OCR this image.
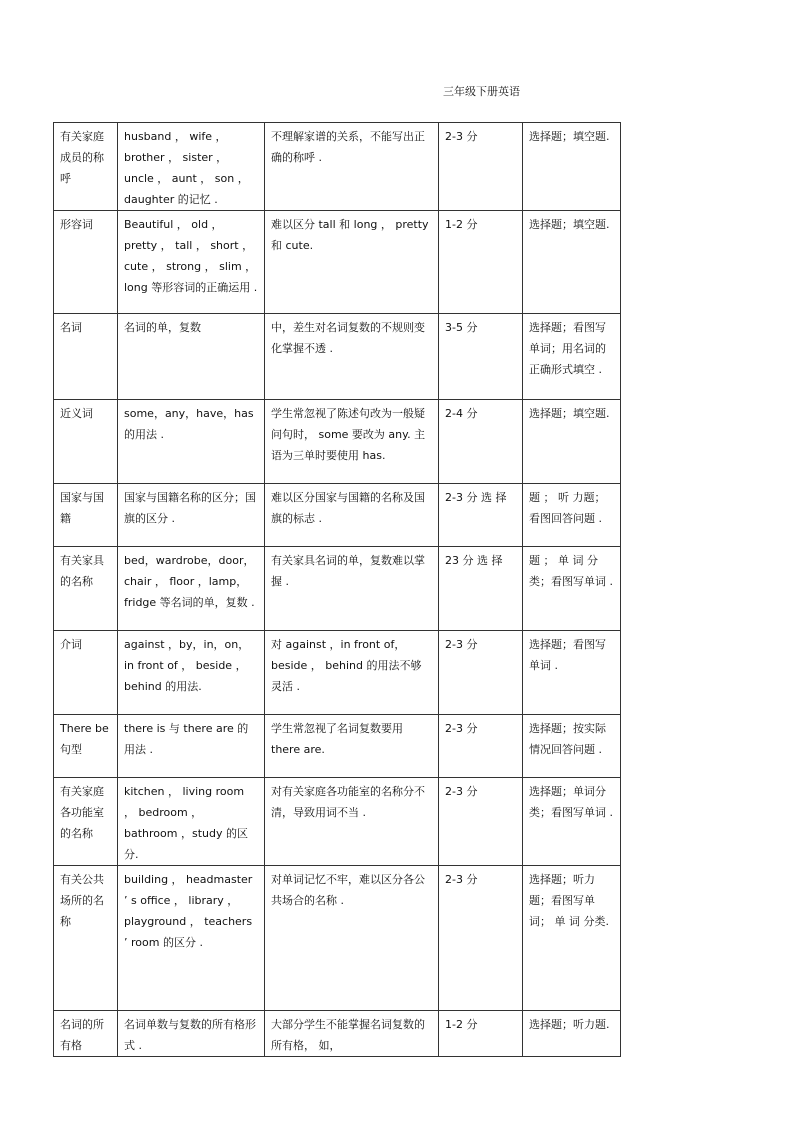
三年级下册英语
有关家庭成员的称呼	husband ， wife ， brother ， sister ， uncle ， aunt ， son ， daughter 的记忆 .	不理解家谱的关系，不能写出正确的称呼 .	2-3 分	选择题；填空题.
形容词	Beautiful ， old ， pretty ， tall ， short ， cute ， strong ， slim ， long 等形容词的正确运用 .	难以区分 tall 和 long ， pretty 和 cute.	1-2 分	选择题；填空题.
名词	名词的单，复数	中，差生对名词复数的不规则变化掌握不透 .	3-5 分	选择题；看图写单词；用名词的正确形式填空 .
近义词	some，any，have，has 的用法 .	学生常忽视了陈述句改为一般疑问句时， some 要改为 any. 主语为三单时要使用 has.	2-4 分	选择题；填空题.
国家与国籍	国家与国籍名称的区分；国旗的区分 .	难以区分国家与国籍的名称及国旗的标志 .	2-3 分 选 择	题 ； 听 力题；看图回答问题 .
有关家具的名称	bed，wardrobe，door，chair ， floor ，lamp，fridge 等名词的单，复数 .	有关家具名词的单，复数难以掌握 .	23 分 选 择	题 ； 单 词 分类；看图写单词 .
介词	against ，by，in，on，in front of ， beside ，behind 的用法.	对 against ，in front of，beside ， behind 的用法不够灵活 .	2-3 分	选择题；看图写单词 .
There be 句型	there is 与 there are 的用法 .	学生常忽视了名词复数要用 there are.	2-3 分	选择题；按实际情况回答问题 .
有关家庭各功能室的名称	kitchen ， living room ， bedroom ， bathroom ，study 的区分.	对有关家庭各功能室的名称分不清，导致用词不当 .	2-3 分	选择题；单词分类；看图写单词 .
有关公共场所的名称	building ， headmaster ’ s office ， library ， playground ， teachers ’ room 的区分 .	对单词记忆不牢，难以区分各公共场合的名称 .	2-3 分	选择题；听力题；看图写单词； 单 词 分类.
名词的所有格	名词单数与复数的所有格形式 .	大部分学生不能掌握名词复数的所有格， 如，	1-2 分	选择题；听力题.
